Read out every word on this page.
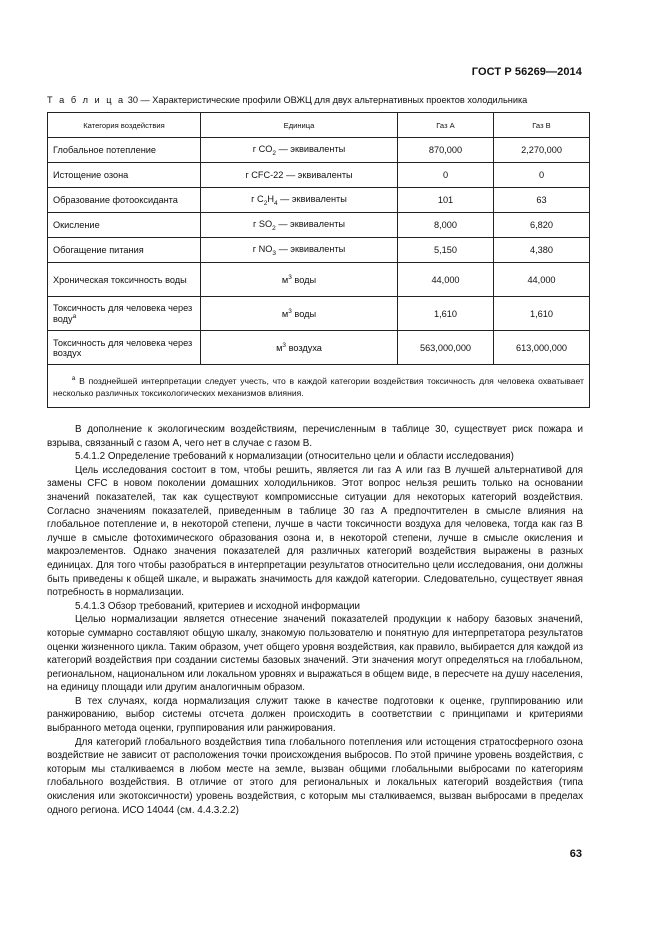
ГОСТ Р 56269—2014
Т а б л и ц а 30 — Характеристические профили ОВЖЦ для двух альтернативных проектов холодильника
Категория воздействия	Единица	Газ А	Газ В
Глобальное потепление	г $CO_2$ — эквиваленты	870,000	2,270,000
Истощение озона	г CFC-22 — эквиваленты	0	0
Образование фотооксиданта	г $C_2H_4$ — эквиваленты	101	63
Окисление	г $SO_2$ — эквиваленты	8,000	6,820
Обогащение питания	г $NO_3$ — эквиваленты	5,150	4,380
Хроническая токсичность воды	$м^3$ воды	44,000	44,000
Токсичность для человека через воду$^a$	$м^3$ воды	1,610	1,610
Токсичность для человека через воздух	$м^3$ воздуха	563,000,000	613,000,000
$^a$ В позднейшей интерпретации следует учесть, что в каждой категории воздействия токсичность для человека охватывает несколько различных токсикологических механизмов влияния.			

В дополнение к экологическим воздействиям, перечисленным в таблице 30, существует риск пожара и взрыва, связанный с газом А, чего нет в случае с газом В.

5.4.1.2 Определение требований к нормализации (относительно цели и области исследования)

Цель исследования состоит в том, чтобы решить, является ли газ А или газ В лучшей альтернативой для замены CFC в новом поколении домашних холодильников. Этот вопрос нельзя решить только на основании значений показателей, так как существуют компромиссные ситуации для некоторых категорий воздействия. Согласно значениям показателей, приведенным в таблице 30 газ А предпочтителен в смысле влияния на глобальное потепление и, в некоторой степени, лучше в части токсичности воздуха для человека, тогда как газ В лучше в смысле фотохимического образования озона и, в некоторой степени, лучше в смысле окисления и макроэлементов. Однако значения показателей для различных категорий воздействия выражены в разных единицах. Для того чтобы разобраться в интерпретации результатов относительно цели исследования, они должны быть приведены к общей шкале, и выражать значимость для каждой категории. Следовательно, существует явная потребность в нормализации.

5.4.1.3 Обзор требований, критериев и исходной информации

Целью нормализации является отнесение значений показателей продукции к набору базовых значений, которые суммарно составляют общую шкалу, знакомую пользователю и понятную для интерпретатора результатов оценки жизненного цикла. Таким образом, учет общего уровня воздействия, как правило, выбирается для каждой из категорий воздействия при создании системы базовых значений. Эти значения могут определяться на глобальном, региональном, национальном или локальном уровнях и выражаться в общем виде, в пересчете на душу населения, на единицу площади или другим аналогичным образом.

В тех случаях, когда нормализация служит также в качестве подготовки к оценке, группированию или ранжированию, выбор системы отсчета должен происходить в соответствии с принципами и критериями выбранного метода оценки, группирования или ранжирования.

Для категорий глобального воздействия типа глобального потепления или истощения стратосферного озона воздействие не зависит от расположения точки происхождения выбросов. По этой причине уровень воздействия, с которым мы сталкиваемся в любом месте на земле, вызван общими глобальными выбросами по категориям глобального воздействия. В отличие от этого для региональных и локальных категорий воздействия (типа окисления или экотоксичности) уровень воздействия, с которым мы сталкиваемся, вызван выбросами в пределах одного региона. ИСО 14044 (см. 4.4.3.2.2)

63
